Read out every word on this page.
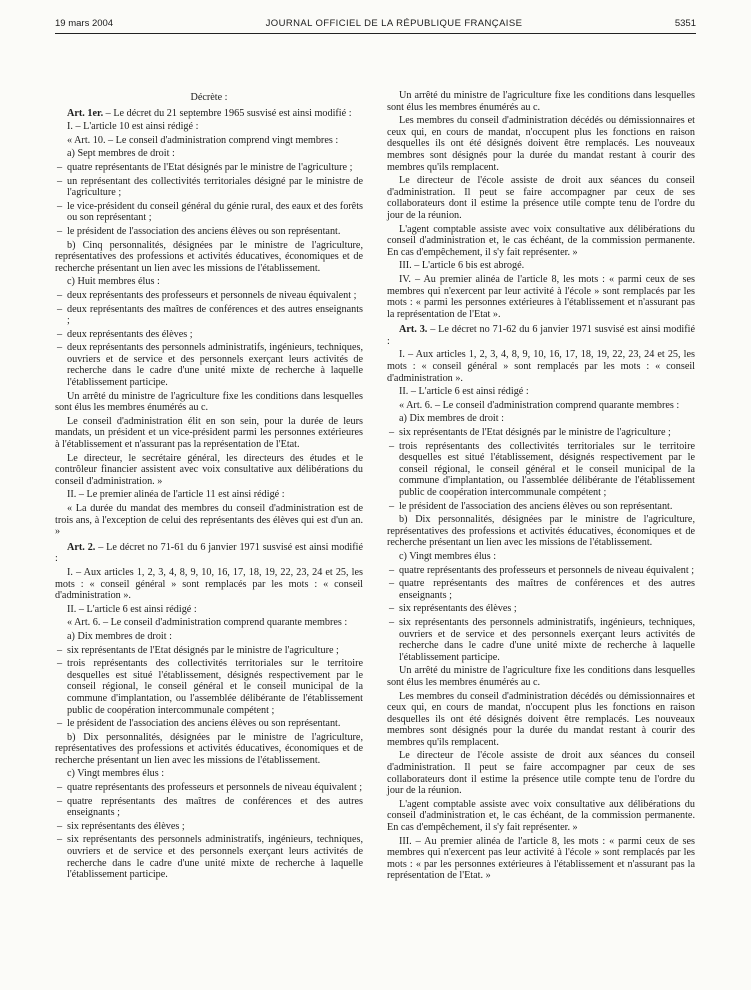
19 mars 2004	JOURNAL OFFICIEL DE LA RÉPUBLIQUE FRANÇAISE	5351

Décrète :

Art. 1er. – Le décret du 21 septembre 1965 susvisé est ainsi modifié :

I. – L'article 10 est ainsi rédigé :

« Art. 10. – Le conseil d'administration comprend vingt membres :

a) Sept membres de droit :

– quatre représentants de l'Etat désignés par le ministre de l'agriculture ;

– un représentant des collectivités territoriales désigné par le ministre de l'agriculture ;

– le vice-président du conseil général du génie rural, des eaux et des forêts ou son représentant ;

– le président de l'association des anciens élèves ou son représentant.

b) Cinq personnalités, désignées par le ministre de l'agriculture, représentatives des professions et activités éducatives, économiques et de recherche présentant un lien avec les missions de l'établissement.

c) Huit membres élus :

– deux représentants des professeurs et personnels de niveau équivalent ;

– deux représentants des maîtres de conférences et des autres enseignants ;

– deux représentants des élèves ;

– deux représentants des personnels administratifs, ingénieurs, techniques, ouvriers et de service et des personnels exerçant leurs activités de recherche dans le cadre d'une unité mixte de recherche à laquelle l'établissement participe.

Un arrêté du ministre de l'agriculture fixe les conditions dans lesquelles sont élus les membres énumérés au c.

Le conseil d'administration élit en son sein, pour la durée de leurs mandats, un président et un vice-président parmi les personnes extérieures à l'établissement et n'assurant pas la représentation de l'Etat.

Le directeur, le secrétaire général, les directeurs des études et le contrôleur financier assistent avec voix consultative aux délibérations du conseil d'administration. »

II. – Le premier alinéa de l'article 11 est ainsi rédigé :

« La durée du mandat des membres du conseil d'administration est de trois ans, à l'exception de celui des représentants des élèves qui est d'un an. »

Art. 2. – Le décret no 71-61 du 6 janvier 1971 susvisé est ainsi modifié :

I. – Aux articles 1, 2, 3, 4, 8, 9, 10, 16, 17, 18, 19, 22, 23, 24 et 25, les mots : « conseil général » sont remplacés par les mots : « conseil d'administration ».

II. – L'article 6 est ainsi rédigé :

« Art. 6. – Le conseil d'administration comprend quarante membres :

a) Dix membres de droit :

– six représentants de l'Etat désignés par le ministre de l'agriculture ;

– trois représentants des collectivités territoriales sur le territoire desquelles est situé l'établissement, désignés respectivement par le conseil régional, le conseil général et le conseil municipal de la commune d'implantation, ou l'assemblée délibérante de l'établissement public de coopération intercommunale compétent ;

– le président de l'association des anciens élèves ou son représentant.

b) Dix personnalités, désignées par le ministre de l'agriculture, représentatives des professions et activités éducatives, économiques et de recherche présentant un lien avec les missions de l'établissement.

c) Vingt membres élus :

– quatre représentants des professeurs et personnels de niveau équivalent ;

– quatre représentants des maîtres de conférences et des autres enseignants ;

– six représentants des élèves ;

– six représentants des personnels administratifs, ingénieurs, techniques, ouvriers et de service et des personnels exerçant leurs activités de recherche dans le cadre d'une unité mixte de recherche à laquelle l'établissement participe.

Un arrêté du ministre de l'agriculture fixe les conditions dans lesquelles sont élus les membres énumérés au c.

Les membres du conseil d'administration décédés ou démissionnaires et ceux qui, en cours de mandat, n'occupent plus les fonctions en raison desquelles ils ont été désignés doivent être remplacés. Les nouveaux membres sont désignés pour la durée du mandat restant à courir des membres qu'ils remplacent.

Le directeur de l'école assiste de droit aux séances du conseil d'administration. Il peut se faire accompagner par ceux de ses collaborateurs dont il estime la présence utile compte tenu de l'ordre du jour de la réunion.

L'agent comptable assiste avec voix consultative aux délibérations du conseil d'administration et, le cas échéant, de la commission permanente. En cas d'empêchement, il s'y fait représenter. »

III. – L'article 6 bis est abrogé.

IV. – Au premier alinéa de l'article 8, les mots : « parmi ceux de ses membres qui n'exercent par leur activité à l'école » sont remplacés par les mots : « parmi les personnes extérieures à l'établissement et n'assurant pas la représentation de l'Etat ».

Art. 3. – Le décret no 71-62 du 6 janvier 1971 susvisé est ainsi modifié :

I. – Aux articles 1, 2, 3, 4, 8, 9, 10, 16, 17, 18, 19, 22, 23, 24 et 25, les mots : « conseil général » sont remplacés par les mots : « conseil d'administration ».

II. – L'article 6 est ainsi rédigé :

« Art. 6. – Le conseil d'administration comprend quarante membres :

a) Dix membres de droit :

– six représentants de l'Etat désignés par le ministre de l'agriculture ;

– trois représentants des collectivités territoriales sur le territoire desquelles est situé l'établissement, désignés respectivement par le conseil régional, le conseil général et le conseil municipal de la commune d'implantation, ou l'assemblée délibérante de l'établissement public de coopération intercommunale compétent ;

– le président de l'association des anciens élèves ou son représentant.

b) Dix personnalités, désignées par le ministre de l'agriculture, représentatives des professions et activités éducatives, économiques et de recherche présentant un lien avec les missions de l'établissement.

c) Vingt membres élus :

– quatre représentants des professeurs et personnels de niveau équivalent ;

– quatre représentants des maîtres de conférences et des autres enseignants ;

– six représentants des élèves ;

– six représentants des personnels administratifs, ingénieurs, techniques, ouvriers et de service et des personnels exerçant leurs activités de recherche dans le cadre d'une unité mixte de recherche à laquelle l'établissement participe.

Un arrêté du ministre de l'agriculture fixe les conditions dans lesquelles sont élus les membres énumérés au c.

Les membres du conseil d'administration décédés ou démissionnaires et ceux qui, en cours de mandat, n'occupent plus les fonctions en raison desquelles ils ont été désignés doivent être remplacés. Les nouveaux membres sont désignés pour la durée du mandat restant à courir des membres qu'ils remplacent.

Le directeur de l'école assiste de droit aux séances du conseil d'administration. Il peut se faire accompagner par ceux de ses collaborateurs dont il estime la présence utile compte tenu de l'ordre du jour de la réunion.

L'agent comptable assiste avec voix consultative aux délibérations du conseil d'administration et, le cas échéant, de la commission permanente. En cas d'empêchement, il s'y fait représenter. »

III. – Au premier alinéa de l'article 8, les mots : « parmi ceux de ses membres qui n'exercent pas leur activité à l'école » sont remplacés par les mots : « par les personnes extérieures à l'établissement et n'assurant pas la représentation de l'Etat. »
